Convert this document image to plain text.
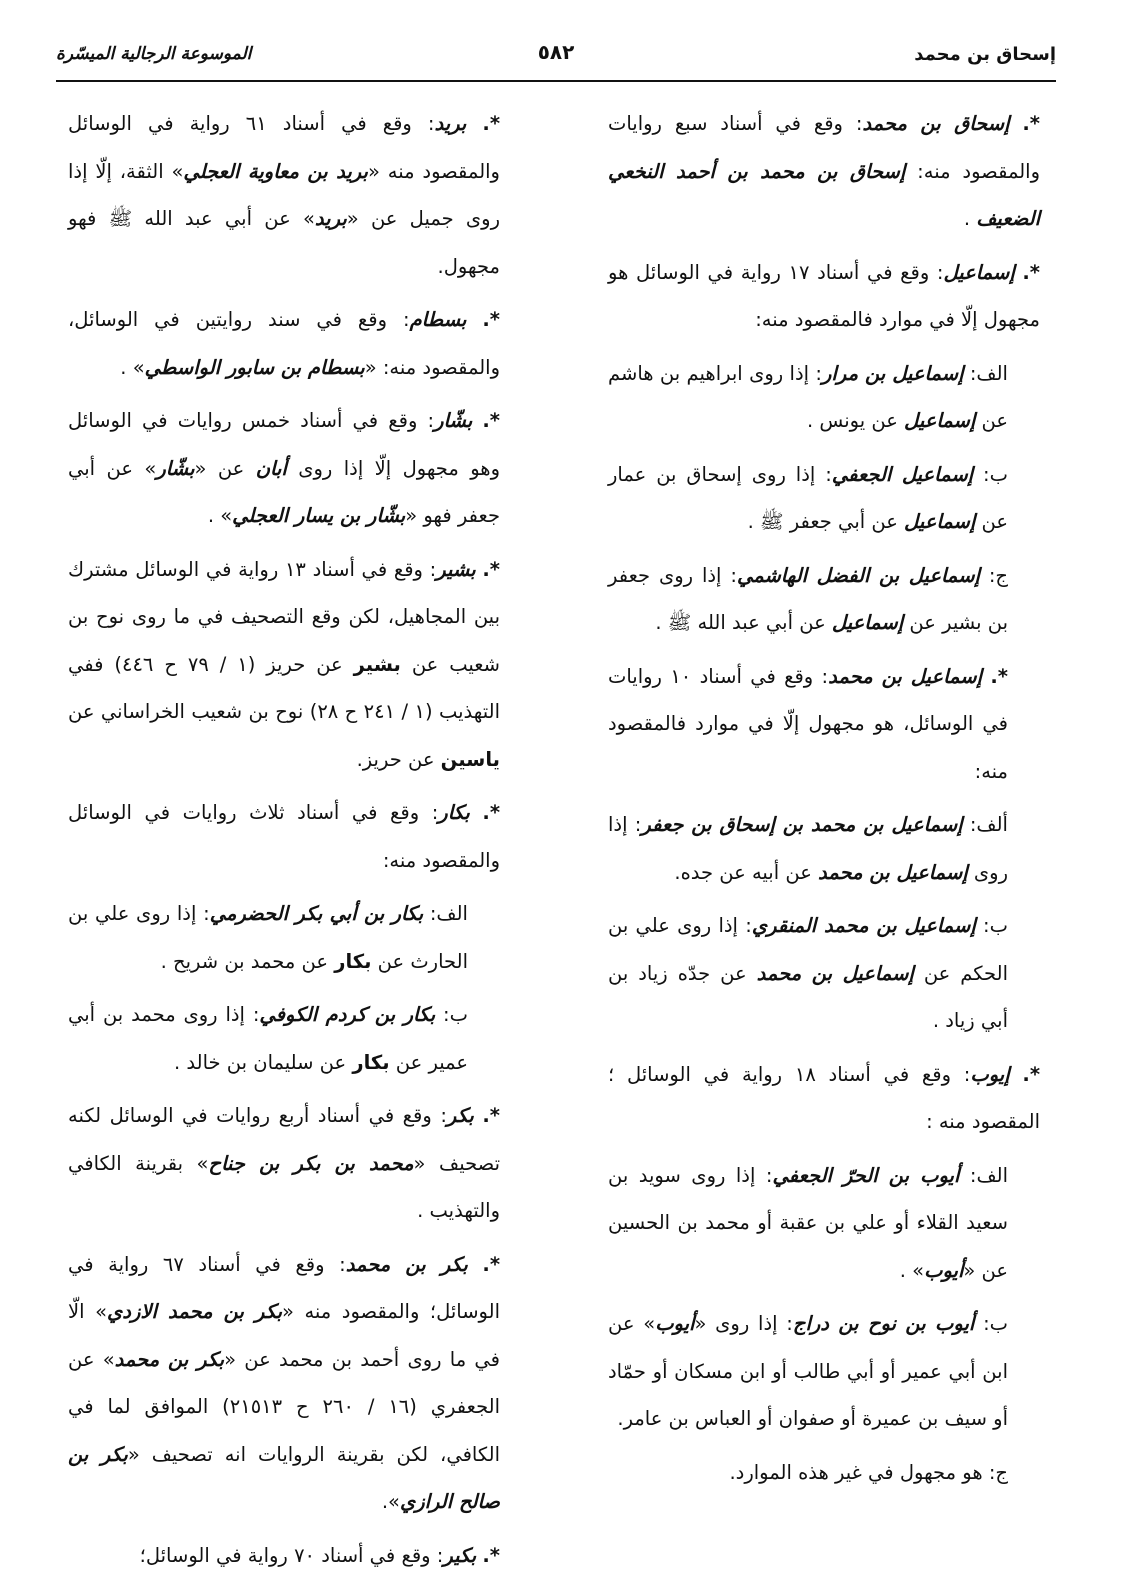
إسحاق بن محمد
٥٨٢
الموسوعة الرجالية الميسّرة

*. إسحاق بن محمد: وقع في أسناد سبع روايات والمقصود منه: إسحاق بن محمد بن أحمد النخعي الضعيف .

*. إسماعيل: وقع في أسناد ١٧ رواية في الوسائل هو مجهول إلّا في موارد فالمقصود منه:

الف: إسماعيل بن مرار: إذا روى ابراهيم بن هاشم عن إسماعيل عن يونس .

ب: إسماعيل الجعفي: إذا روى إسحاق بن عمار عن إسماعيل عن أبي جعفر ﷺ .

ج: إسماعيل بن الفضل الهاشمي: إذا روى جعفر بن بشير عن إسماعيل عن أبي عبد الله ﷺ .

*. إسماعيل بن محمد: وقع في أسناد ١٠ روايات في الوسائل، هو مجهول إلّا في موارد فالمقصود منه:

ألف: إسماعيل بن محمد بن إسحاق بن جعفر: إذا روى إسماعيل بن محمد عن أبيه عن جده.

ب: إسماعيل بن محمد المنقري: إذا روى علي بن الحكم عن إسماعيل بن محمد عن جدّه زياد بن أبي زياد .

*. إيوب: وقع في أسناد ١٨ رواية في الوسائل ؛ المقصود منه :

الف: أيوب بن الحرّ الجعفي: إذا روى سويد بن سعيد القلاء أو علي بن عقبة أو محمد بن الحسين عن «أيوب» .

ب: أيوب بن نوح بن دراج: إذا روى «أيوب» عن ابن أبي عمير أو أبي طالب أو ابن مسكان أو حمّاد أو سيف بن عميرة أو صفوان أو العباس بن عامر.

ج: هو مجهول في غير هذه الموارد.

*. بريد: وقع في أسناد ٦١ رواية في الوسائل والمقصود منه «بريد بن معاوية العجلي» الثقة، إلّا إذا روى جميل عن «بريد» عن أبي عبد الله ﷺ فهو مجهول.

*. بسطام: وقع في سند روايتين في الوسائل، والمقصود منه: «بسطام بن سابور الواسطي» .

*. بشّار: وقع في أسناد خمس روايات في الوسائل وهو مجهول إلّا إذا روى أبان عن «بشّار» عن أبي جعفر فهو «بشّار بن يسار العجلي» .

*. بشير: وقع في أسناد ١٣ رواية في الوسائل مشترك بين المجاهيل، لكن وقع التصحيف في ما روى نوح بن شعيب عن بشير عن حريز (١ / ٧٩ ح ٤٤٦) ففي التهذيب (١ / ٢٤١ ح ٢٨) نوح بن شعيب الخراساني عن ياسين عن حريز.

*. بكار: وقع في أسناد ثلاث روايات في الوسائل والمقصود منه:

الف: بكار بن أبي بكر الحضرمي: إذا روى علي بن الحارث عن بكار عن محمد بن شريح .

ب: بكار بن كردم الكوفي: إذا روى محمد بن أبي عمير عن بكار عن سليمان بن خالد .

*. بكر: وقع في أسناد أربع روايات في الوسائل لكنه تصحيف «محمد بن بكر بن جناح» بقرينة الكافي والتهذيب .

*. بكر بن محمد: وقع في أسناد ٦٧ رواية في الوسائل؛ والمقصود منه «بكر بن محمد الازدي» الّا في ما روى أحمد بن محمد عن «بكر بن محمد» عن الجعفري (١٦ / ٢٦٠ ح ٢١٥١٣) الموافق لما في الكافي، لكن بقرينة الروايات انه تصحيف «بكر بن صالح الرازي».

*. بكير: وقع في أسناد ٧٠ رواية في الوسائل؛
